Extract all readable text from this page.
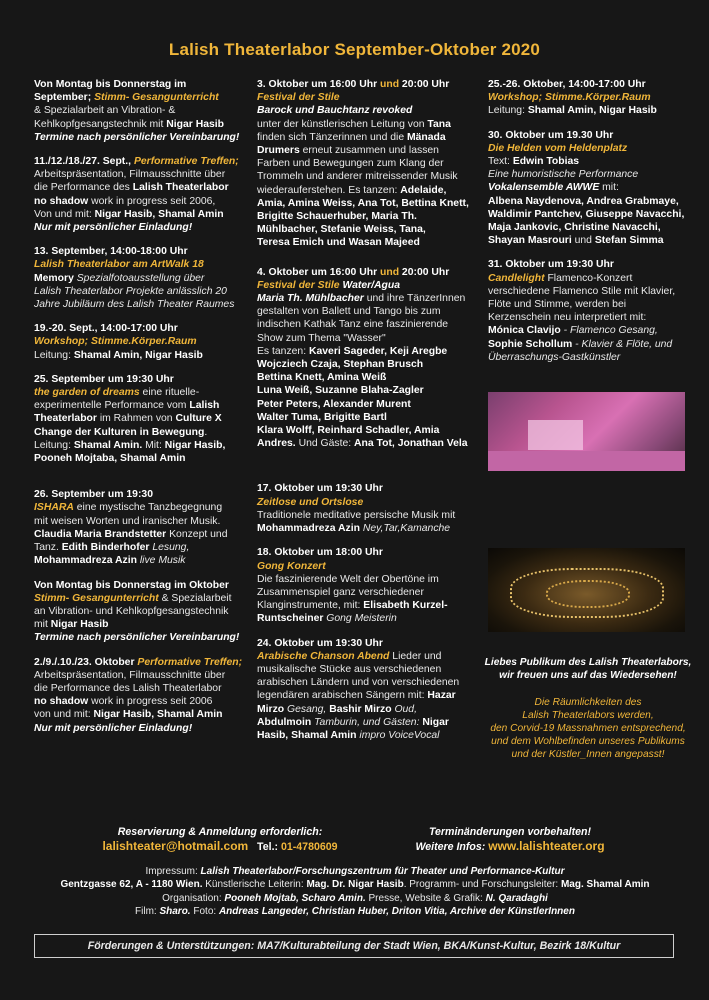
Lalish Theaterlabor September-Oktober 2020
Von Montag bis Donnerstag im
September; Stimm- Gesangunterricht
& Spezialarbeit an Vibration- &
Kehlkopfgesangstechnik mit Nigar Hasib
Termine nach persönlicher Vereinbarung!
11./12./18./27. Sept., Performative Treffen;
Arbeitspräsentation, Filmausschnitte über
die Performance des Lalish Theaterlabor
no shadow work in progress seit 2006,
Von und mit: Nigar Hasib, Shamal Amin
Nur mit persönlicher Einladung!
13. September, 14:00-18:00 Uhr
Lalish Theaterlabor am ArtWalk 18
Memory Spezialfotoausstellung über
Lalish Theaterlabor Projekte anlässlich 20
Jahre Jubiläum des Lalish Theater Raumes
19.-20. Sept., 14:00-17:00 Uhr
Workshop; Stimme.Körper.Raum
Leitung: Shamal Amin, Nigar Hasib
25. September um 19:30 Uhr
the garden of dreams eine rituelle-
experimentelle Performance vom Lalish
Theaterlabor im Rahmen von Culture X
Change der Kulturen in Bewegung.
Leitung: Shamal Amin. Mit: Nigar Hasib,
Pooneh Mojtaba, Shamal Amin
26. September um 19:30
ISHARA eine mystische Tanzbegegnung
mit weisen Worten und iranischer Musik.
Claudia Maria Brandstetter Konzept und
Tanz. Edith Binderhofer Lesung,
Mohammadreza Azin live Musik
Von Montag bis Donnerstag im Oktober
Stimm- Gesangunterricht & Spezialarbeit
an Vibration- und Kehlkopfgesangstechnik
mit Nigar Hasib
Termine nach persönlicher Vereinbarung!
2./9./.10./23. Oktober Performative Treffen;
Arbeitspräsentation, Filmausschnitte über
die Performance des Lalish Theaterlabor
no shadow work in progress seit 2006
von und mit: Nigar Hasib, Shamal Amin
Nur mit persönlicher Einladung!
3. Oktober um 16:00 Uhr und 20:00 Uhr
Festival der Stile
Barock und Bauchtanz revoked
unter der künstlerischen Leitung von Tana
finden sich Tänzerinnen und die Mänada
Drumers erneut zusammen und lassen
Farben und Bewegungen zum Klang der
Trommeln und anderer mitreissender Musik
wiederauferstehen. Es tanzen: Adelaide,
Amia, Amina Weiss, Ana Tot, Bettina Knett,
Brigitte Schauerhuber, Maria Th.
Mühlbacher, Stefanie Weiss, Tana,
Teresa Emich und Wasan Majeed
4. Oktober um 16:00 Uhr und 20:00 Uhr
Festival der Stile Water/Agua
Maria Th. Mühlbacher und ihre TänzerInnen
gestalten von Ballett und Tango bis zum
indischen Kathak Tanz eine faszinierende
Show zum Thema "Wasser"
Es tanzen: Kaveri Sageder, Keji Aregbe
Wojcziech Czaja, Stephan Brusch
Bettina Knett, Amina Weiß
Luna Weiß, Suzanne Blaha-Zagler
Peter Peters, Alexander Murent
Walter Tuma, Brigitte Bartl
Klara Wolff, Reinhard Schadler, Amia
Andres. Und Gäste: Ana Tot, Jonathan Vela
17. Oktober um 19:30 Uhr
Zeitlose und Ortslose
Traditionele meditative persische Musik mit
Mohammadreza Azin Ney,Tar,Kamanche
18. Oktober um 18:00 Uhr
Gong Konzert
Die faszinierende Welt der Obertöne im
Zusammenspiel ganz verschiedener
Klanginstrumente, mit: Elisabeth Kurzel-
Runtscheiner Gong Meisterin
24. Oktober um 19:30 Uhr
Arabische Chanson Abend Lieder und
musikalische Stücke aus verschiedenen
arabischen Ländern und von verschiedenen
legendären arabischen Sängern mit: Hazar
Mirzo Gesang, Bashir Mirzo Oud,
Abdulmoin Tamburin, und Gästen: Nigar
Hasib, Shamal Amin impro VoiceVocal
25.-26. Oktober, 14:00-17:00 Uhr
Workshop; Stimme.Körper.Raum
Leitung: Shamal Amin, Nigar Hasib
30. Oktober um 19.30 Uhr
Die Helden vom Heldenplatz
Text: Edwin Tobias
Eine humoristische Performance
Vokalensemble AWWE mit:
Albena Naydenova, Andrea Grabmaye,
Waldimir Pantchev, Giuseppe Navacchi,
Maja Jankovic, Christine Navacchi,
Shayan Masrouri und Stefan Simma
31. Oktober um 19:30 Uhr
Candlelight Flamenco-Konzert
verschiedene Flamenco Stile mit Klavier,
Flöte und Stimme, werden bei
Kerzenschein neu interpretiert mit:
Mónica Clavijo - Flamenco Gesang,
Sophie Schollum - Klavier & Flöte, und
Überraschungs-Gastkünstler
Liebes Publikum des Lalish Theaterlabors,
wir freuen uns auf das Wiedersehen!
Die Räumlichkeiten des
Lalish Theaterlabors werden,
den Corvid-19 Massnahmen entsprechend,
und dem Wohlbefinden unseres Publikums
und der Küstler_Innen angepasst!
Reservierung & Anmeldung erforderlich:
lalishteater@hotmail.com Tel.: 01-4780609
Terminänderungen vorbehalten!
Weitere Infos: www.lalishteater.org
Impressum: Lalish Theaterlabor/Forschungszentrum für Theater und Performance-Kultur
Gentzgasse 62, A - 1180 Wien. Künstlerische Leiterin: Mag. Dr. Nigar Hasib. Programm- und Forschungsleiter: Mag. Shamal Amin
Organisation: Pooneh Mojtab, Scharo Amin. Presse, Website & Grafik: N. Qaradaghi
Film: Sharo. Foto: Andreas Langeder, Christian Huber, Driton Vitia, Archive der KünstlerInnen
Förderungen & Unterstützungen: MA7/Kulturabteilung der Stadt Wien, BKA/Kunst-Kultur, Bezirk 18/Kultur
